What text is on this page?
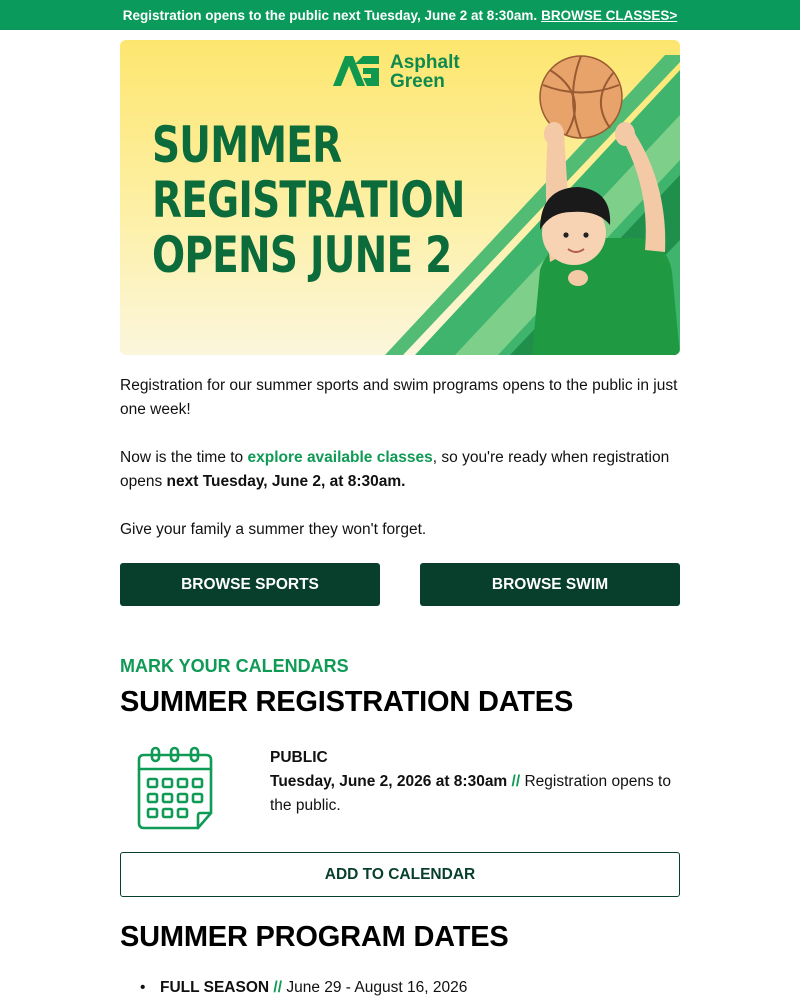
Registration opens to the public next Tuesday, June 2 at 8:30am. BROWSE CLASSES>
Asphalt
Green
SUMMER
REGISTRATION
OPENS JUNE 2

Registration for our summer sports and swim programs opens to the public in just one week!

Now is the time to explore available classes, so you're ready when registration opens next Tuesday, June 2, at 8:30am.

Give your family a summer they won't forget.

BROWSE SPORTS	BROWSE SWIM
MARK YOUR CALENDARS
SUMMER REGISTRATION DATES
PUBLIC
Tuesday, June 2, 2026 at 8:30am // Registration opens to the public.
ADD TO CALENDAR
SUMMER PROGRAM DATES
• FULL SEASON // June 29 - August 16, 2026
